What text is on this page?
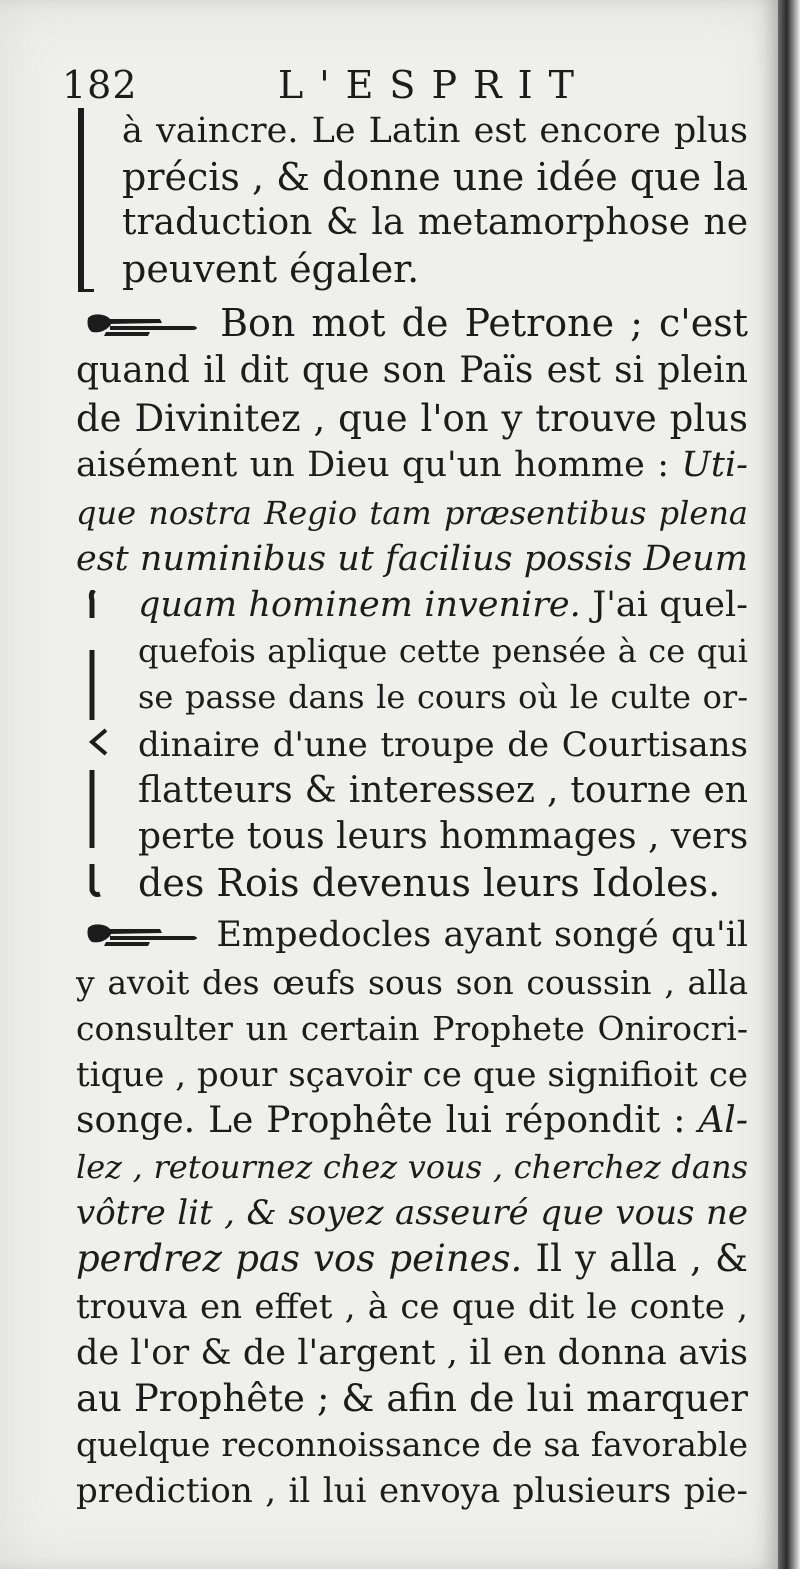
182	L'ESPRIT
à vaincre. Le Latin est encore plus
précis , & donne une idée que la
traduction & la metamorphose ne
peuvent égaler.
Bon mot de Petrone ; c'est
quand il dit que son Païs est si plein
de Divinitez , que l'on y trouve plus
aisément un Dieu qu'un homme : Uti-
que nostra Regio tam præsentibus plena
est numinibus ut facilius possis Deum
quam hominem invenire. J'ai quel-
quefois aplique cette pensée à ce qui
se passe dans le cours où le culte or-
dinaire d'une troupe de Courtisans
flatteurs & interessez , tourne en
perte tous leurs hommages , vers
des Rois devenus leurs Idoles.
Empedocles ayant songé qu'il
y avoit des œufs sous son coussin , alla
consulter un certain Prophete Onirocri-
tique , pour sçavoir ce que signifioit ce
songe. Le Prophête lui répondit : Al-
lez , retournez chez vous , cherchez dans
vôtre lit , & soyez asseuré que vous ne
perdrez pas vos peines. Il y alla , &
trouva en effet , à ce que dit le conte ,
de l'or & de l'argent , il en donna avis
au Prophête ; & afin de lui marquer
quelque reconnoissance de sa favorable
prediction , il lui envoya plusieurs pie-
